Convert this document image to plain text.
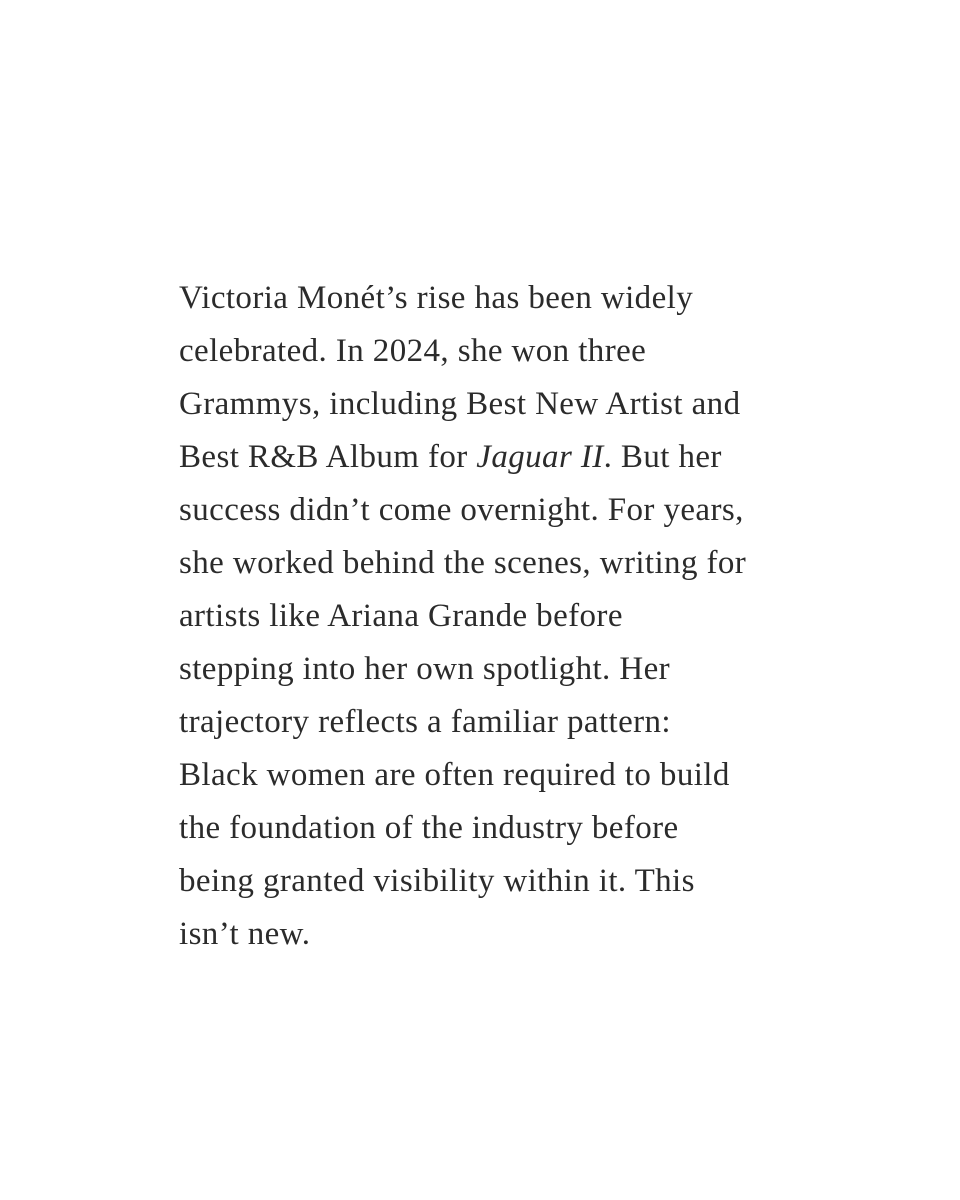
Victoria Monét’s rise has been widely
celebrated. In 2024, she won three
Grammys, including Best New Artist and
Best R&B Album for Jaguar II. But her
success didn’t come overnight. For years,
she worked behind the scenes, writing for
artists like Ariana Grande before
stepping into her own spotlight. Her
trajectory reflects a familiar pattern:
Black women are often required to build
the foundation of the industry before
being granted visibility within it. This
isn’t new.
